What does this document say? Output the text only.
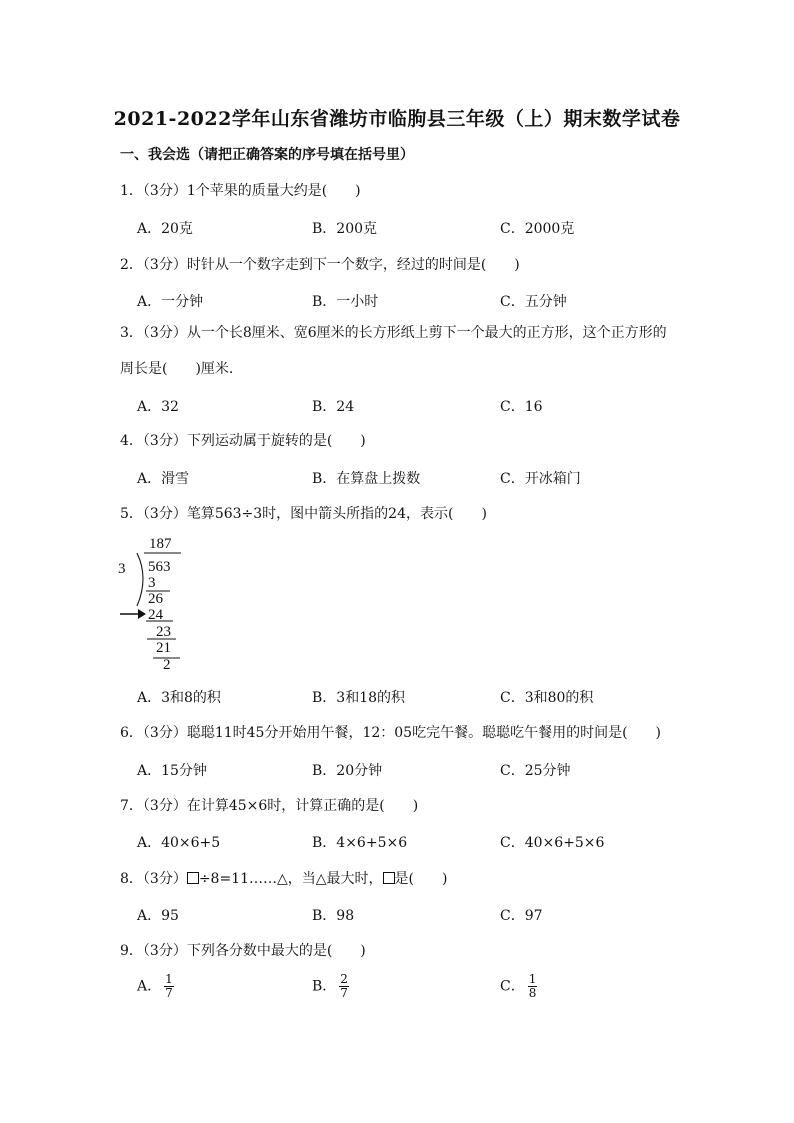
2021-2022学年山东省潍坊市临朐县三年级（上）期末数学试卷
一、我会选（请把正确答案的序号填在括号里）
1．（3分）1个苹果的质量大约是(　　)
A．20克	B．200克	C．2000克
2．（3分）时针从一个数字走到下一个数字，经过的时间是(　　)
A．一分钟	B．一小时	C．五分钟
3．（3分）从一个长8厘米、宽6厘米的长方形纸上剪下一个最大的正方形，这个正方形的
周长是(　　)厘米．
A．32	B．24	C．16
4．（3分）下列运动属于旋转的是(　　)
A．滑雪	B．在算盘上拨数	C．开冰箱门
5．（3分）笔算563÷3时，图中箭头所指的24，表示(　　)
187
3 563
3
26
24
23
21
2
A．3和8的积	B．3和18的积	C．3和80的积
6．（3分）聪聪11时45分开始用午餐，12：05吃完午餐。聪聪吃午餐用的时间是(　　)
A．15分钟	B．20分钟	C．25分钟
7．（3分）在计算45×6时，计算正确的是(　　)
A．40×6+5	B．4×6+5×6	C．40×6+5×6
8．（3分） ÷8=11……△，当△最大时， 是(　　)
A．95	B．98	C．97
9．（3分）下列各分数中最大的是(　　)
A． $\frac{1}{7}$	B． $\frac{2}{7}$	C． $\frac{1}{8}$
